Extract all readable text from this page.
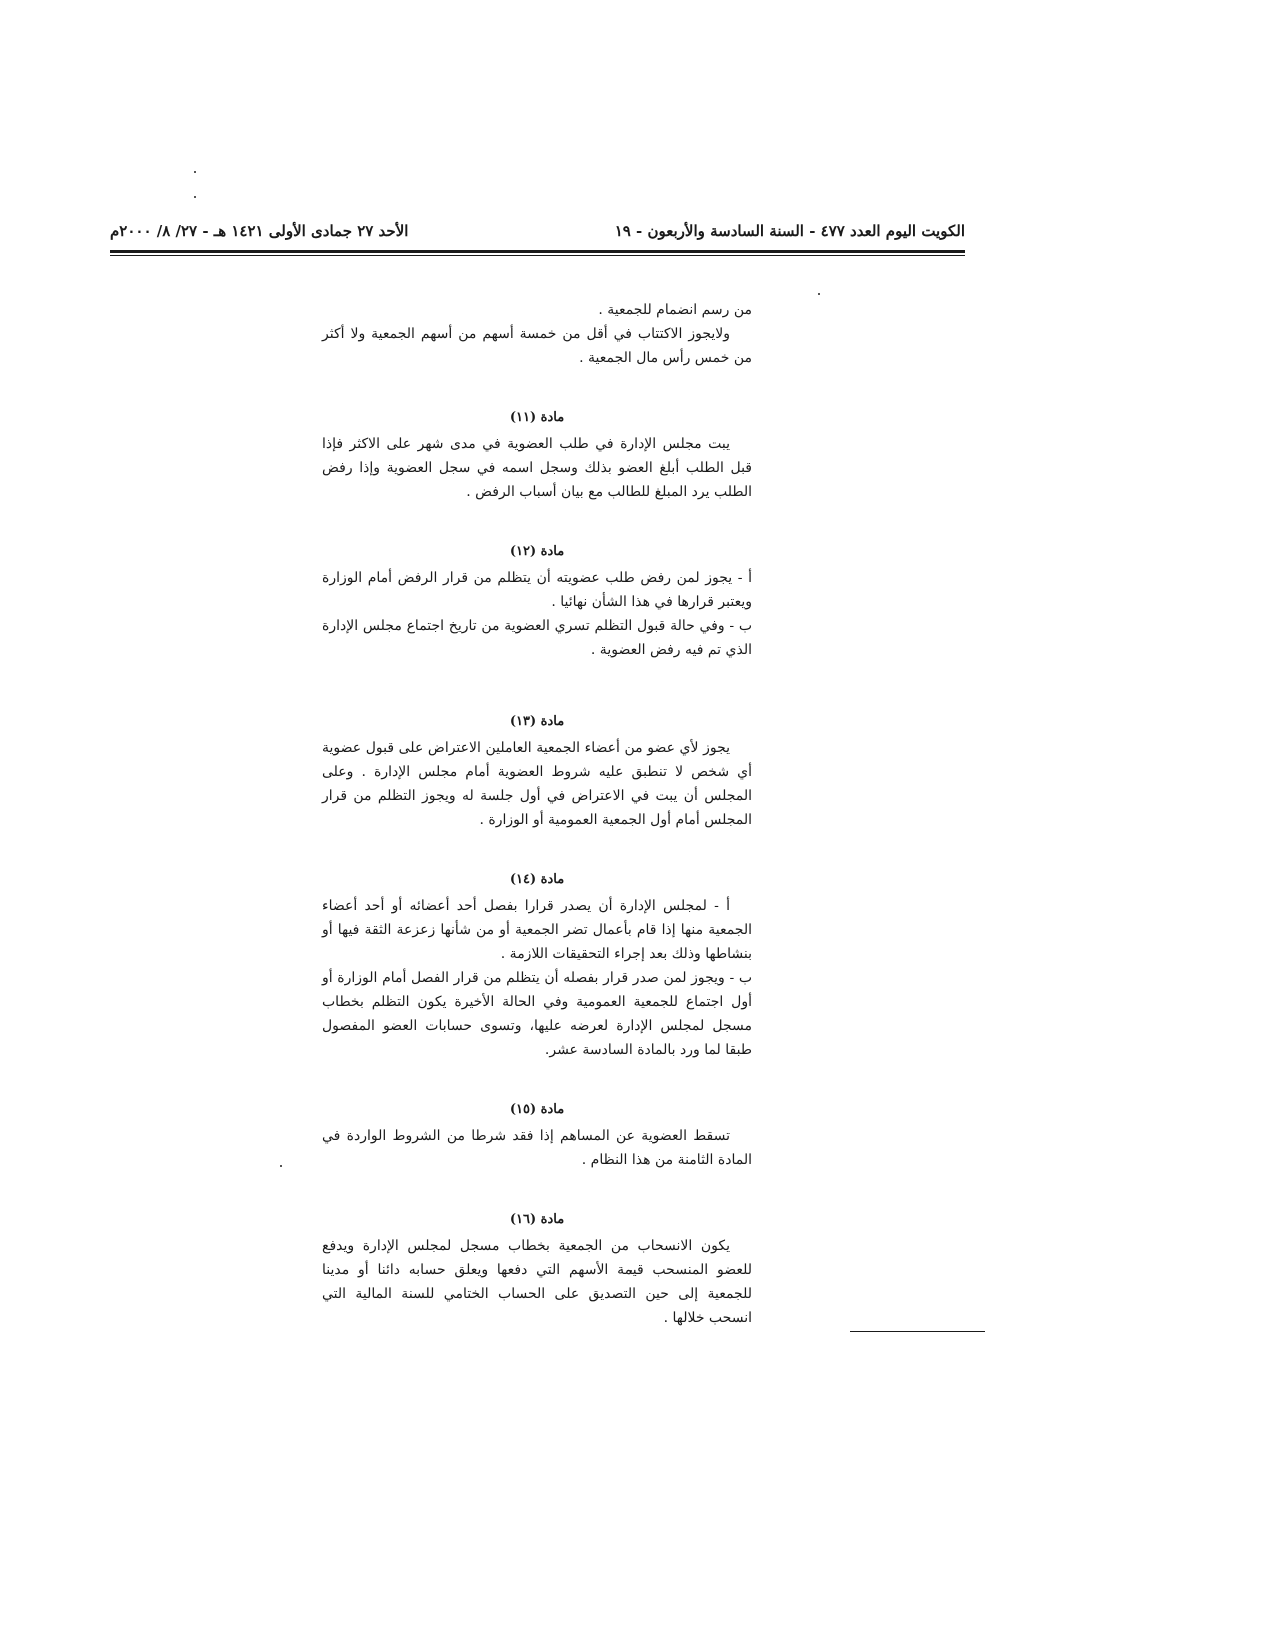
الكويت اليوم العدد ٤٧٧ - السنة السادسة والأربعون - ١٩
الأحد ٢٧ جمادى الأولى ١٤٢١ هـ - ٢٧/ ٨/ ٢٠٠٠م

من رسم انضمام للجمعية .

ولايجوز الاكتتاب في أقل من خمسة أسهم من أسهم الجمعية ولا أكثر من خمس رأس مال الجمعية .

مادة (١١)

يبت مجلس الإدارة في طلب العضوية في مدى شهر على الاكثر فإذا قبل الطلب أبلغ العضو بذلك وسجل اسمه في سجل العضوية وإذا رفض الطلب يرد المبلغ للطالب مع بيان أسباب الرفض .

مادة (١٢)

أ - يجوز لمن رفض طلب عضويته أن يتظلم من قرار الرفض أمام الوزارة ويعتبر قرارها في هذا الشأن نهائيا .

ب - وفي حالة قبول التظلم تسري العضوية من تاريخ اجتماع مجلس الإدارة الذي تم فيه رفض العضوية .

مادة (١٣)

يجوز لأي عضو من أعضاء الجمعية العاملين الاعتراض على قبول عضوية أي شخص لا تنطبق عليه شروط العضوية أمام مجلس الإدارة . وعلى المجلس أن يبت في الاعتراض في أول جلسة له ويجوز التظلم من قرار المجلس أمام أول الجمعية العمومية أو الوزارة .

مادة (١٤)

أ - لمجلس الإدارة أن يصدر قرارا بفصل أحد أعضائه أو أحد أعضاء الجمعية منها إذا قام بأعمال تضر الجمعية أو من شأنها زعزعة الثقة فيها أو بنشاطها وذلك بعد إجراء التحقيقات اللازمة .

ب - ويجوز لمن صدر قرار بفصله أن يتظلم من قرار الفصل أمام الوزارة أو أول اجتماع للجمعية العمومية وفي الحالة الأخيرة يكون التظلم بخطاب مسجل لمجلس الإدارة لعرضه عليها، وتسوى حسابات العضو المفصول طبقا لما ورد بالمادة السادسة عشر.

مادة (١٥)

تسقط العضوية عن المساهم إذا فقد شرطا من الشروط الواردة في المادة الثامنة من هذا النظام .

مادة (١٦)

يكون الانسحاب من الجمعية بخطاب مسجل لمجلس الإدارة ويدفع للعضو المنسحب قيمة الأسهم التي دفعها ويعلق حسابه دائنا أو مدينا للجمعية إلى حين التصديق على الحساب الختامي للسنة المالية التي انسحب خلالها .
